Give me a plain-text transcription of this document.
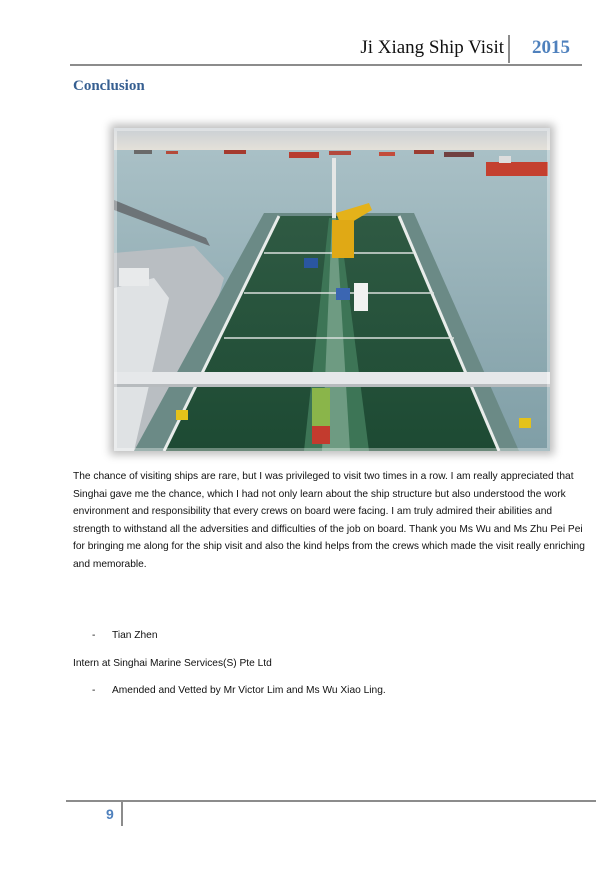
Ji Xiang Ship Visit 2015
Conclusion
The chance of visiting ships are rare, but I was privileged to visit two times in a row. I am really appreciated that Singhai gave me the chance, which I had not only learn about the ship structure but also understood the work environment and responsibility that every crews on board were facing. I am truly admired their abilities and strength to withstand all the adversities and difficulties of the job on board. Thank you Ms Wu and Ms Zhu Pei Pei for bringing me along for the ship visit and also the kind helps from the crews which made the visit really enriching and memorable.
- Tian Zhen
Intern at Singhai Marine Services(S) Pte Ltd
- Amended and Vetted by Mr Victor Lim and Ms Wu Xiao Ling.
9
